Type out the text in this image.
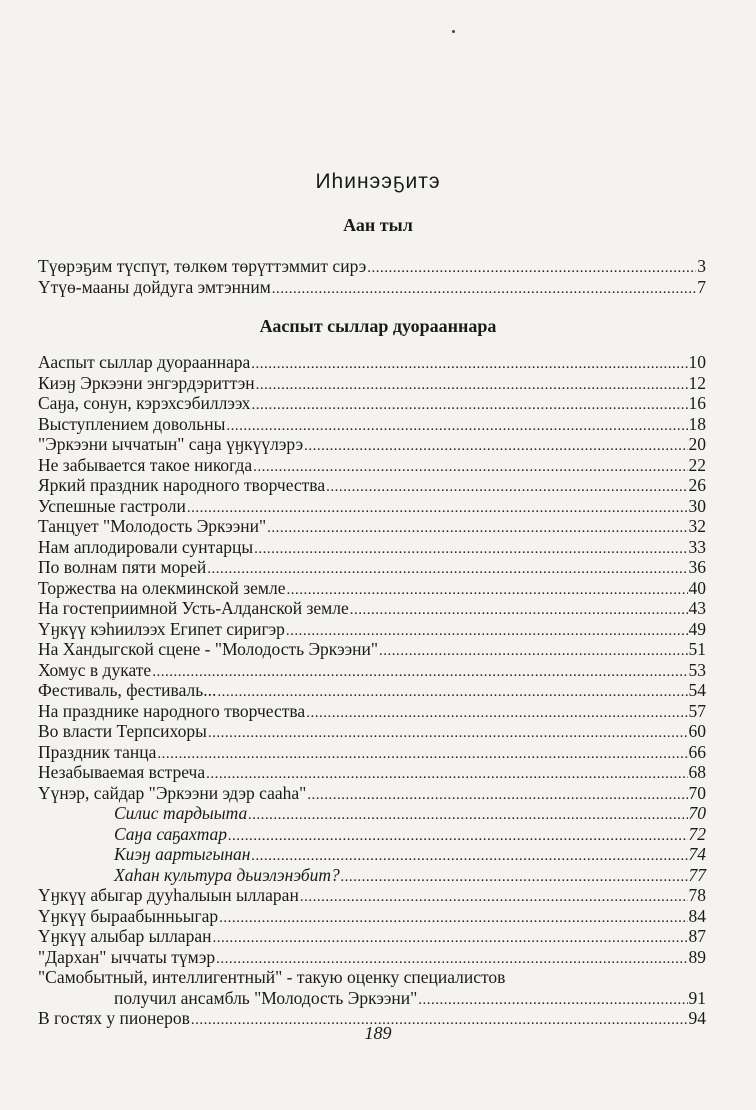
Иhинээҕитэ
Аан тыл
Түөрэҕим түспүт, төлкөм төрүттэммит сирэ .....	3
Үтүө-мааны дойдуга эмтэнним .....	7
Ааспыт сыллар дуорааннара
Ааспыт сыллар дуорааннара .....	10
Киэӈ Эркээни энгэрдэриттэн .....	12
Саӈа, сонун, кэрэхсэбиллээх .....	16
Выступлением довольны .....	18
"Эркээни ыччатын" саӈа үӈкүүлэрэ .....	20
Не забывается такое никогда .....	22
Яркий праздник народного творчества .....	26
Успешные гастроли .....	30
Танцует "Молодость Эркээни" .....	32
Нам аплодировали сунтарцы .....	33
По волнам пяти морей .....	36
Торжества на олекминской земле .....	40
На гостеприимной Усть-Алданской земле .....	43
Үӈкүү кэhиилээх Египет сиригэр .....	49
На Хандыгской сцене - "Молодость Эркээни" .....	51
Хомус в дукате .....	53
Фестиваль, фестиваль... .....	54
На празднике народного творчества .....	57
Во власти Терпсихоры .....	60
Праздник танца .....	66
Незабываемая встреча .....	68
Үүнэр, сайдар "Эркээни эдэр сааhа" .....	70
Силис тардыыта .....	70
Саӈа саҕахтар .....	72
Киэӈ аартыгынан .....	74
Хаhан культура дьиэлэнэбит? .....	77
Үӈкүү абыгар дууhалыын ылларан .....	78
Үӈкүү быраабынньыгар .....	84
Үӈкүү алыбар ылларан .....	87
"Дархан" ыччаты түмэр .....	89
"Самобытный, интеллигентный" - такую оценку специалистов
получил ансамбль "Молодость Эркээни" .....	91
В гостях у пионеров .....	94
189
